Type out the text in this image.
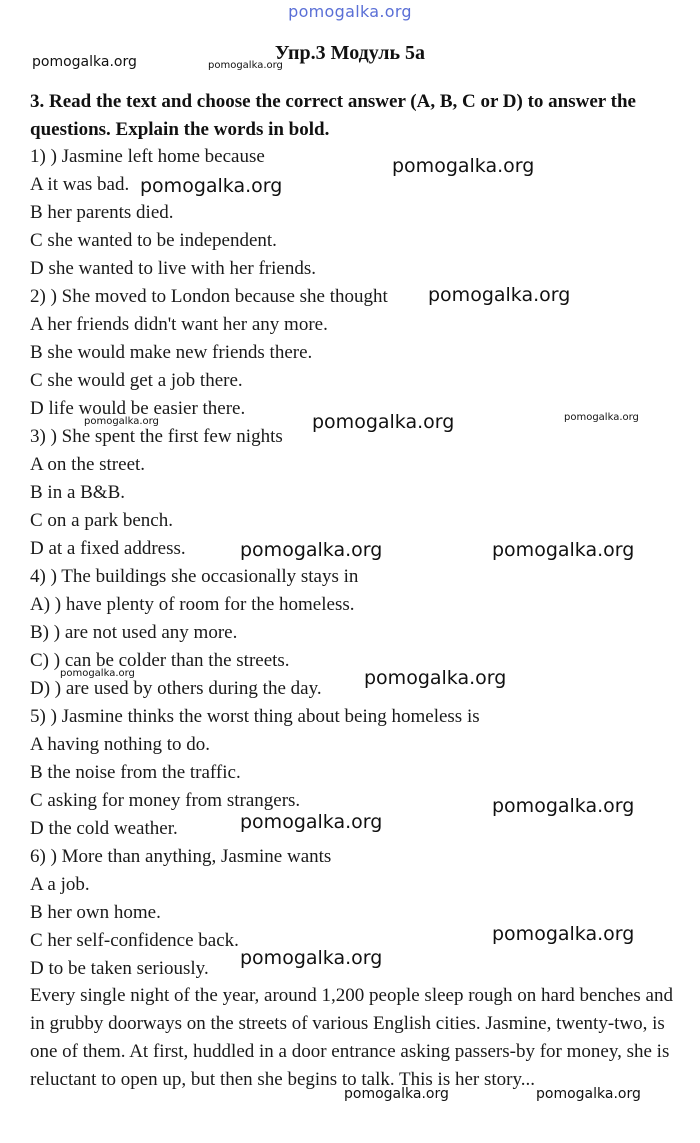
pomogalka.org
Упр.3 Модуль 5а
3. Read the text and choose the correct answer (A, B, C or D) to answer the questions. Explain the words in bold.
1) ) Jasmine left home because
A it was bad.
B her parents died.
C she wanted to be independent.
D she wanted to live with her friends.
2) ) She moved to London because she thought
A her friends didn't want her any more.
B she would make new friends there.
C she would get a job there.
D life would be easier there.
3) ) She spent the first few nights
A on the street.
B in a B&B.
C on a park bench.
D at a fixed address.
4) ) The buildings she occasionally stays in
A) ) have plenty of room for the homeless.
B) ) are not used any more.
C) ) can be colder than the streets.
D) ) are used by others during the day.
5) ) Jasmine thinks the worst thing about being homeless is
A having nothing to do.
B the noise from the traffic.
C asking for money from strangers.
D the cold weather.
6) ) More than anything, Jasmine wants
A a job.
B her own home.
C her self-confidence back.
D to be taken seriously.
Every single night of the year, around 1,200 people sleep rough on hard benches and in grubby doorways on the streets of various English cities. Jasmine, twenty-two, is one of them. At first, huddled in a door entrance asking passers-by for money, she is reluctant to open up, but then she begins to talk. This is her story...
pomogalka.org	pomogalka.org
pomogalka.org
pomogalka.org
pomogalka.org
pomogalka.org	pomogalka.org
pomogalka.org
pomogalka.org	pomogalka.org
pomogalka.org	pomogalka.org
pomogalka.org
pomogalka.org
pomogalka.org
pomogalka.org
pomogalka.org	pomogalka.org
